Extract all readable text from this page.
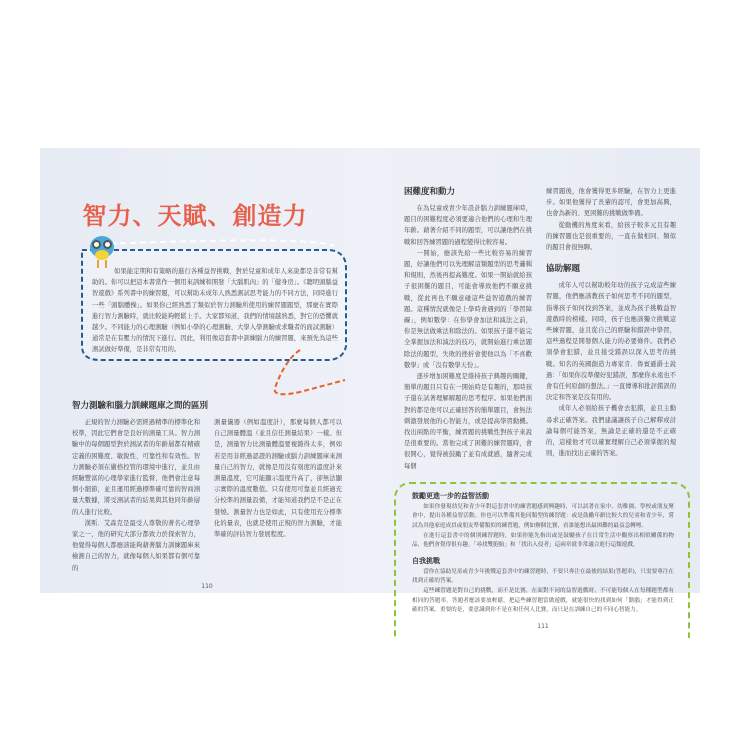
智力、天賦、創造力
如果能定期和有策略的進行各種益智挑戰，對於兒童和成年人來說都是非常有幫助的。你可以把這本書當作一個用來訓練和開發「大腦肌肉」的「健身房」。《聰明頭腦益智遊戲》系列書中的練習題，可以幫助未成年人熟悉測試思考能力的不同方法，同時進行一些「頭腦體操」。如果你已經熟悉了類似於智力測驗所使用的練習題題型，那麼在實際進行智力測驗時，就比較能夠輕鬆上手。大家都知道，我們的情境越熟悉，對它的恐懼就越少。不同能力的心理測驗（例如小學的心理測驗、大學入學測驗或求職者的面試測驗）通常是在有壓力的情況下進行。因此，利用像這套書中訓練腦力的練習題，來預先為這些測試做好準備，是非常有用的。
智力測驗和腦力訓練題庫之間的區別

正規的智力測驗必需經過精準的標準化和校準，因此它們會是良好的測量工具。智力測驗中的每個題型對於測試者的年齡層都有精確定義的困難度、敏銳性、可靠性和有效性。智力測驗必須在嚴格控管的環境中進行，並且由經驗豐富的心理學家進行監督，他們會注意每個小細節，並且運用經過標準確可靠的智商測量大數據，將受測試者的結果與其他同年齡層的人進行比較。

漢斯．艾森克是最受人尊敬的著名心理學家之一，他的研究大部分都致力於探索智力，他覺得每個人都應該能夠藉著腦力訓練題庫來檢測自己的智力，就像每個人如果都有個可靠的

測量儀器（例如溫度計），那麼每個人都可以自己測量體溫（並且信任測量結果）一樣。但是，測量智力比測量體溫要複雜得太多，例如若是用非經過認證的測驗或腦力訓練題庫來測量自己的智力，就像是用沒有刻度的溫度計來測量溫度，它可能顯示溫度升高了，卻無法顯示實際的溫度數值。只有使用可靠並且經過充分校準的測量設備，才能知道我們是不是正在發燒。測量智力也是如此，只有使用充分標準化的量表，也就是使用正規的智力測驗，才能準確的評估智力發展程度。

110
困難度和動力

在為兒童或青少年設計腦力訓練題庫時，題目的困難程度必須要適合他們的心理和生理年齡。藉著介紹不同的題型，可以讓他們在挑戰和回答練習題的過程變得比較容易。

一開始，應該先給一些比較容易的練習題，好讓他們可以先理解這類題型的思考邏輯和規則，然後再提高難度。如果一開始就給孩子很困難的題目，可能會導致他們不願意挑戰，從此再也不願意碰這些益智遊戲的練習題。這種情況就像是上學時會遇到的「學習障礙」，例如數學：在你學會加法和減法之前，你是無法做乘法和除法的。如果孩子還不能完全掌握加法和減法的技巧，就開始進行乘法題除法的題型，失敗的挫折會使他以為「不喜歡數學」或「沒有數學天份」。

逐步增加困難度是維持孩子興趣的關鍵，簡單的題目只有在一開始時是有趣的，那時孩子還在試著理解解題的思考程序。如果他們面對的都是他可以正確回答的簡單題目，會無法刺激發展他的心智能力，或是提高學習動機。找出兩點的平衡，練習題的挑戰性對孩子來說是很重要的。當他完成了困難的練習題時，會很開心，覺得被鼓勵了並有成就感，隨著完成每個

練習題後，他會獲得更多經驗，在智力上更進步。如果他獲得了長輩的認可，會更加高興，也會為新的、更困難的挑戰做準備。

從動機的角度來看，給孩子較多元且有趣的練習題也是很重要的，一直在做相同、類似的題目會很無聊。

協助解題

成年人可以幫助較年幼的孩子完成這些練習題，他們應該教孩子如何思考不同的題型，指導孩子如何找到答案，並成為孩子挑戰益智遊戲時的榜樣。同時，孩子也應該獨立挑戰這些練習題，並且從自己的經驗和錯誤中學習，這些過程是開發個人能力的必要條件。我們必須學會犯錯，並且接受錯誤以深入思考的挑戰。知名的英國創造力專家肯．魯賓遜爵士說過：「如果你沒準備好犯錯誤，那麼你永遠也不會有任何原創的想法。」一直傳導和批評錯誤的決定和答案是沒有用的。

成年人必須給孩子機會去犯錯，並且主動尋求正確答案。我們建議讓孩子自己解釋或討論每個可能答案，無論是正確的還是不正確的，這樣他才可以確實理解自己必須掌握的規則，進而找出正確的答案。

鼓勵更進一步的益智活動

如果你發現幼兒和青少年對這套書中的練習題感到興趣時，可以試著在家中、幼稚園、學校或朋友聚會中，提出各種益智活動。你也可以準備其他同類型的練習題：或是鼓勵年齡比較大的兒童和青少年，嘗試為其他家庭成員或朋友準備類似的練習題，例如辦個比賽，看誰能想出最困難的最益急轉彎。

在進行這套書中的個別練習題時，如果你能先指出或是鼓勵孩子在日常生活中觀察出相似關係的物品，他們會覺得很有趣。「尋找雙胞胎」和「找出入侵者」這兩章就非常適合進行這類遊戲。

自我挑戰

當你在協助兒童或青少年挑戰這套書中的練習題時，不要只專注在最後的結果(答題率)，只需要專注在找到正確的答案。

這些練習題是對自己的挑戰，而不是比賽，在面對不同的益智遊戲時，不可能每個人在每種題型都有相同的答題率。答題者應該要放輕鬆，把這些練習題當做遊戲，就能很快的找到如何「動腦」才能得到正確的答案。重要的是，要意識到你不是在和任何人比賽，而只是在訓練自己的不同心智能力。

111
